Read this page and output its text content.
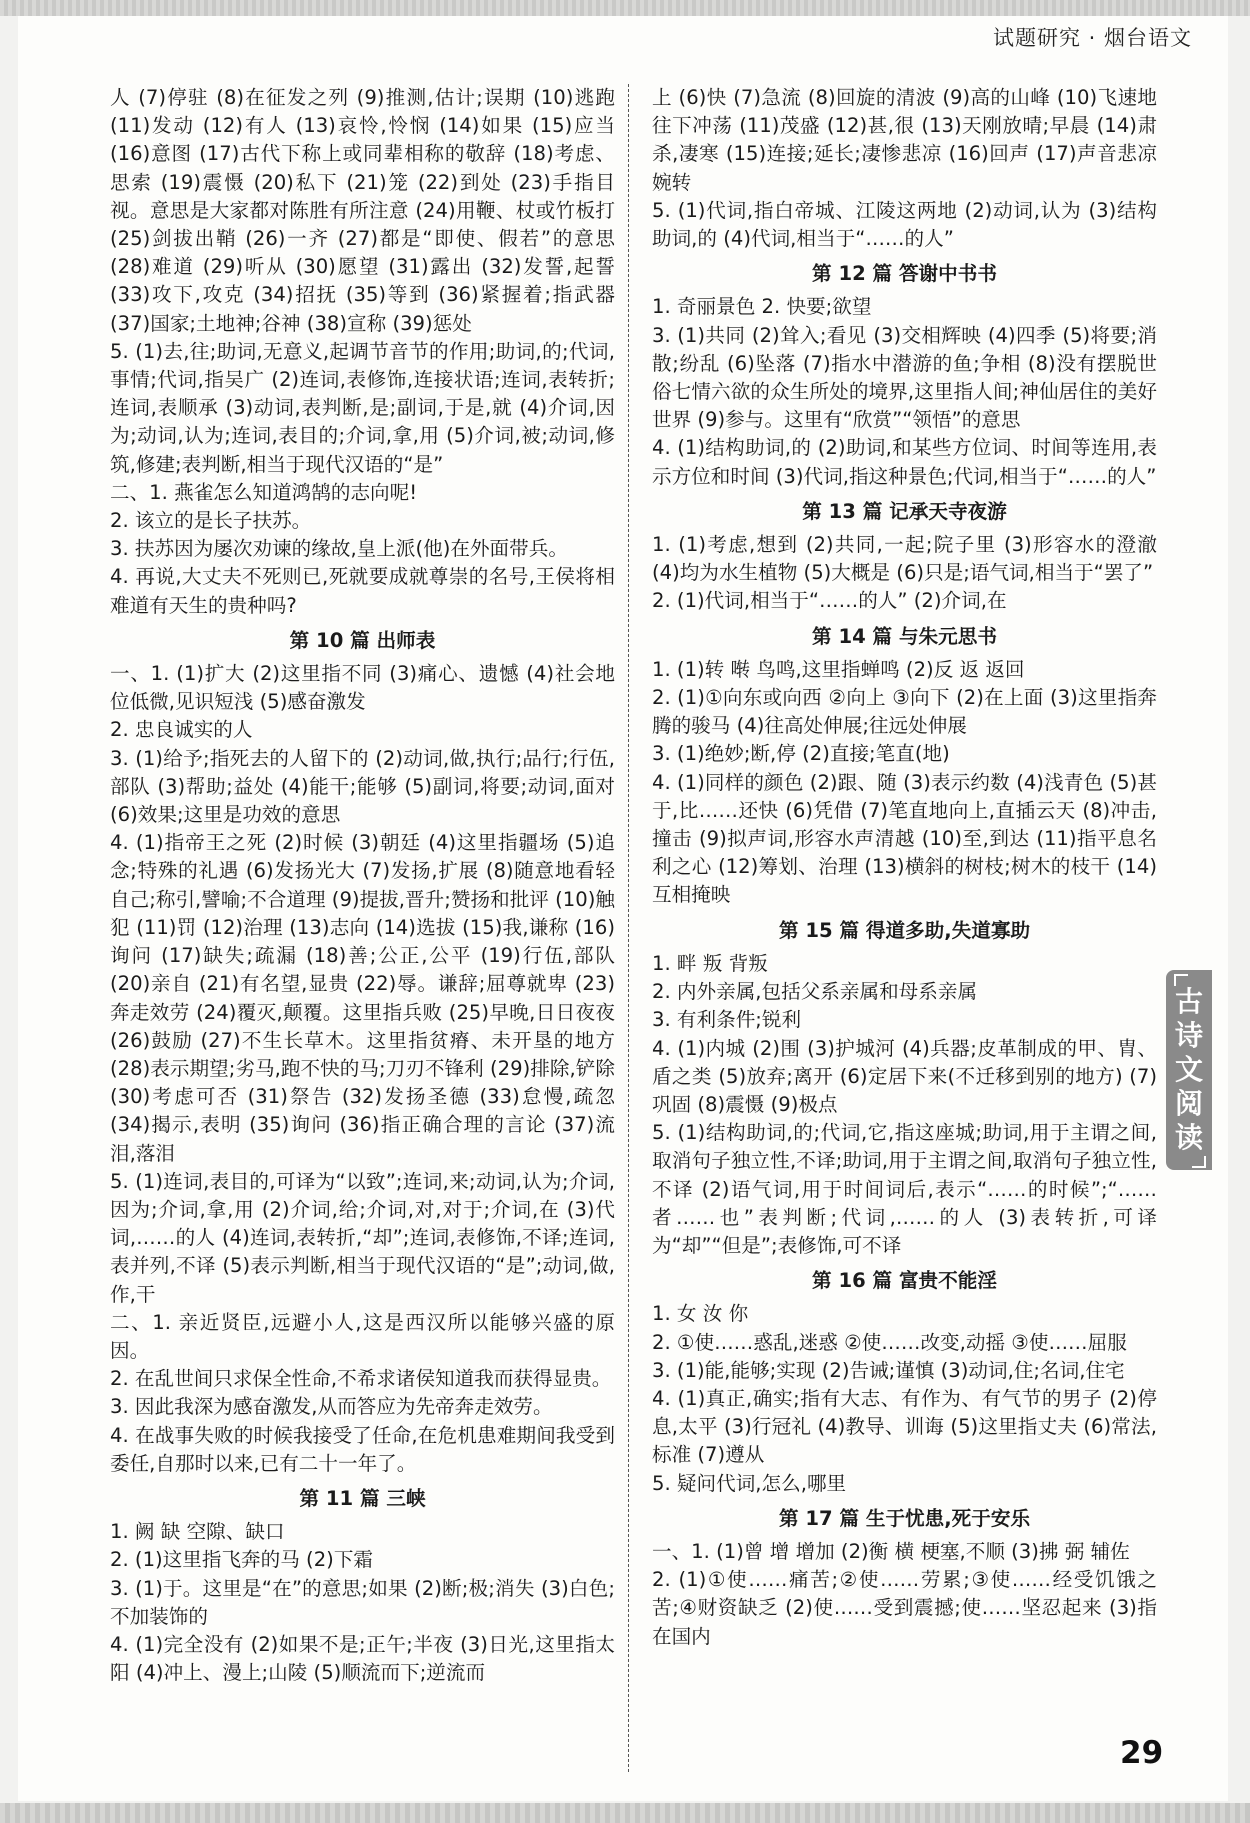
试题研究 · 烟台语文
人 (7)停驻 (8)在征发之列 (9)推测,估计;误期 (10)逃跑 (11)发动 (12)有人 (13)哀怜,怜悯 (14)如果 (15)应当 (16)意图 (17)古代下称上或同辈相称的敬辞 (18)考虑、思索 (19)震慑 (20)私下 (21)笼 (22)到处 (23)手指目视。意思是大家都对陈胜有所注意 (24)用鞭、杖或竹板打 (25)剑拔出鞘 (26)一齐 (27)都是“即使、假若”的意思 (28)难道 (29)听从 (30)愿望 (31)露出 (32)发誓,起誓 (33)攻下,攻克 (34)招抚 (35)等到 (36)紧握着;指武器 (37)国家;土地神;谷神 (38)宣称 (39)惩处
5. (1)去,往;助词,无意义,起调节音节的作用;助词,的;代词,事情;代词,指吴广 (2)连词,表修饰,连接状语;连词,表转折;连词,表顺承 (3)动词,表判断,是;副词,于是,就 (4)介词,因为;动词,认为;连词,表目的;介词,拿,用 (5)介词,被;动词,修筑,修建;表判断,相当于现代汉语的“是”
二、1. 燕雀怎么知道鸿鹄的志向呢!
2. 该立的是长子扶苏。
3. 扶苏因为屡次劝谏的缘故,皇上派(他)在外面带兵。
4. 再说,大丈夫不死则已,死就要成就尊崇的名号,王侯将相难道有天生的贵种吗?
第 10 篇 出师表
一、1. (1)扩大 (2)这里指不同 (3)痛心、遗憾 (4)社会地位低微,见识短浅 (5)感奋激发
2. 忠良诚实的人
3. (1)给予;指死去的人留下的 (2)动词,做,执行;品行;行伍,部队 (3)帮助;益处 (4)能干;能够 (5)副词,将要;动词,面对 (6)效果;这里是功效的意思
4. (1)指帝王之死 (2)时候 (3)朝廷 (4)这里指疆场 (5)追念;特殊的礼遇 (6)发扬光大 (7)发扬,扩展 (8)随意地看轻自己;称引,譬喻;不合道理 (9)提拔,晋升;赞扬和批评 (10)触犯 (11)罚 (12)治理 (13)志向 (14)选拔 (15)我,谦称 (16)询问 (17)缺失;疏漏 (18)善;公正,公平 (19)行伍,部队 (20)亲自 (21)有名望,显贵 (22)辱。谦辞;屈尊就卑 (23)奔走效劳 (24)覆灭,颠覆。这里指兵败 (25)早晚,日日夜夜 (26)鼓励 (27)不生长草木。这里指贫瘠、未开垦的地方 (28)表示期望;劣马,跑不快的马;刀刃不锋利 (29)排除,铲除 (30)考虑可否 (31)祭告 (32)发扬圣德 (33)怠慢,疏忽 (34)揭示,表明 (35)询问 (36)指正确合理的言论 (37)流泪,落泪
5. (1)连词,表目的,可译为“以致”;连词,来;动词,认为;介词,因为;介词,拿,用 (2)介词,给;介词,对,对于;介词,在 (3)代词,……的人 (4)连词,表转折,“却”;连词,表修饰,不译;连词,表并列,不译 (5)表示判断,相当于现代汉语的“是”;动词,做,作,干
二、1. 亲近贤臣,远避小人,这是西汉所以能够兴盛的原因。
2. 在乱世间只求保全性命,不希求诸侯知道我而获得显贵。
3. 因此我深为感奋激发,从而答应为先帝奔走效劳。
4. 在战事失败的时候我接受了任命,在危机患难期间我受到委任,自那时以来,已有二十一年了。
第 11 篇 三峡
1. 阙 缺 空隙、缺口
2. (1)这里指飞奔的马 (2)下霜
3. (1)于。这里是“在”的意思;如果 (2)断;极;消失 (3)白色;不加装饰的
4. (1)完全没有 (2)如果不是;正午;半夜 (3)日光,这里指太阳 (4)冲上、漫上;山陵 (5)顺流而下;逆流而
上 (6)快 (7)急流 (8)回旋的清波 (9)高的山峰 (10)飞速地往下冲荡 (11)茂盛 (12)甚,很 (13)天刚放晴;早晨 (14)肃杀,凄寒 (15)连接;延长;凄惨悲凉 (16)回声 (17)声音悲凉婉转
5. (1)代词,指白帝城、江陵这两地 (2)动词,认为 (3)结构助词,的 (4)代词,相当于“……的人”
第 12 篇 答谢中书书
1. 奇丽景色 2. 快要;欲望
3. (1)共同 (2)耸入;看见 (3)交相辉映 (4)四季 (5)将要;消散;纷乱 (6)坠落 (7)指水中潜游的鱼;争相 (8)没有摆脱世俗七情六欲的众生所处的境界,这里指人间;神仙居住的美好世界 (9)参与。这里有“欣赏”“领悟”的意思
4. (1)结构助词,的 (2)助词,和某些方位词、时间等连用,表示方位和时间 (3)代词,指这种景色;代词,相当于“……的人”
第 13 篇 记承天寺夜游
1. (1)考虑,想到 (2)共同,一起;院子里 (3)形容水的澄澈 (4)均为水生植物 (5)大概是 (6)只是;语气词,相当于“罢了”
2. (1)代词,相当于“……的人” (2)介词,在
第 14 篇 与朱元思书
1. (1)转 啭 鸟鸣,这里指蝉鸣 (2)反 返 返回
2. (1)①向东或向西 ②向上 ③向下 (2)在上面 (3)这里指奔腾的骏马 (4)往高处伸展;往远处伸展
3. (1)绝妙;断,停 (2)直接;笔直(地)
4. (1)同样的颜色 (2)跟、随 (3)表示约数 (4)浅青色 (5)甚于,比……还快 (6)凭借 (7)笔直地向上,直插云天 (8)冲击,撞击 (9)拟声词,形容水声清越 (10)至,到达 (11)指平息名利之心 (12)筹划、治理 (13)横斜的树枝;树木的枝干 (14)互相掩映
第 15 篇 得道多助,失道寡助
1. 畔 叛 背叛
2. 内外亲属,包括父系亲属和母系亲属
3. 有利条件;锐利
4. (1)内城 (2)围 (3)护城河 (4)兵器;皮革制成的甲、胄、盾之类 (5)放弃;离开 (6)定居下来(不迁移到别的地方) (7)巩固 (8)震慑 (9)极点
5. (1)结构助词,的;代词,它,指这座城;助词,用于主谓之间,取消句子独立性,不译;助词,用于主谓之间,取消句子独立性,不译 (2)语气词,用于时间词后,表示“……的时候”;“……者……也”表判断;代词,……的人 (3)表转折,可译为“却”“但是”;表修饰,可不译
第 16 篇 富贵不能淫
1. 女 汝 你
2. ①使……惑乱,迷惑 ②使……改变,动摇 ③使……屈服
3. (1)能,能够;实现 (2)告诫;谨慎 (3)动词,住;名词,住宅
4. (1)真正,确实;指有大志、有作为、有气节的男子 (2)停息,太平 (3)行冠礼 (4)教导、训诲 (5)这里指丈夫 (6)常法,标准 (7)遵从
5. 疑问代词,怎么,哪里
第 17 篇 生于忧患,死于安乐
一、1. (1)曾 增 增加 (2)衡 横 梗塞,不顺 (3)拂 弼 辅佐
2. (1)①使……痛苦;②使……劳累;③使……经受饥饿之苦;④财资缺乏 (2)使……受到震撼;使……坚忍起来 (3)指在国内
古诗文阅读
29
